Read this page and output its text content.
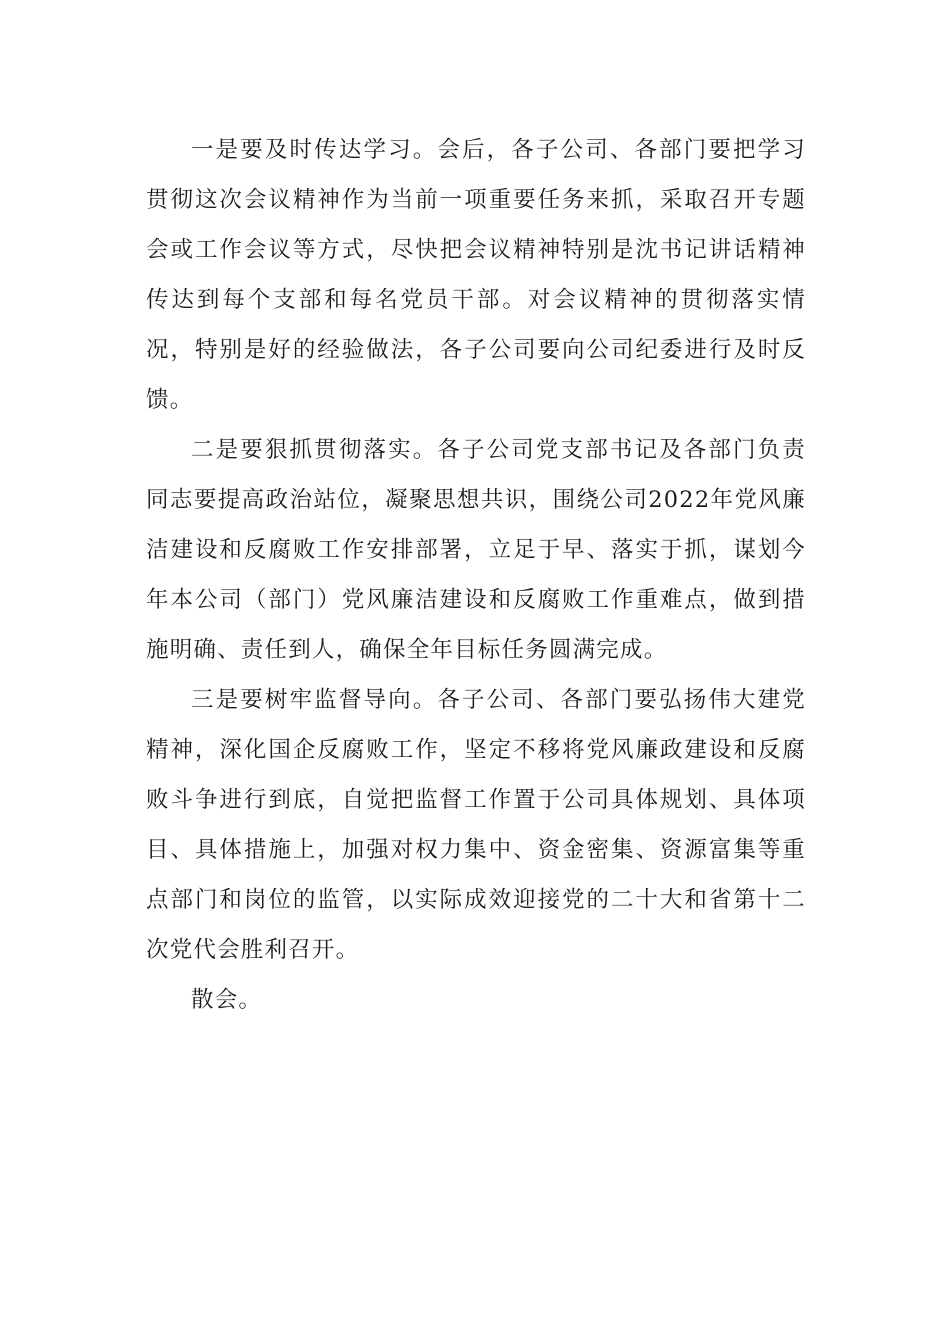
一是要及时传达学习。会后，各子公司、各部门要把学习贯彻这次会议精神作为当前一项重要任务来抓，采取召开专题会或工作会议等方式，尽快把会议精神特别是沈书记讲话精神传达到每个支部和每名党员干部。对会议精神的贯彻落实情况，特别是好的经验做法，各子公司要向公司纪委进行及时反馈。

二是要狠抓贯彻落实。各子公司党支部书记及各部门负责同志要提高政治站位，凝聚思想共识，围绕公司2022年党风廉洁建设和反腐败工作安排部署，立足于早、落实于抓，谋划今年本公司（部门）党风廉洁建设和反腐败工作重难点，做到措施明确、责任到人，确保全年目标任务圆满完成。

三是要树牢监督导向。各子公司、各部门要弘扬伟大建党精神，深化国企反腐败工作，坚定不移将党风廉政建设和反腐败斗争进行到底，自觉把监督工作置于公司具体规划、具体项目、具体措施上，加强对权力集中、资金密集、资源富集等重点部门和岗位的监管，以实际成效迎接党的二十大和省第十二次党代会胜利召开。

散会。
